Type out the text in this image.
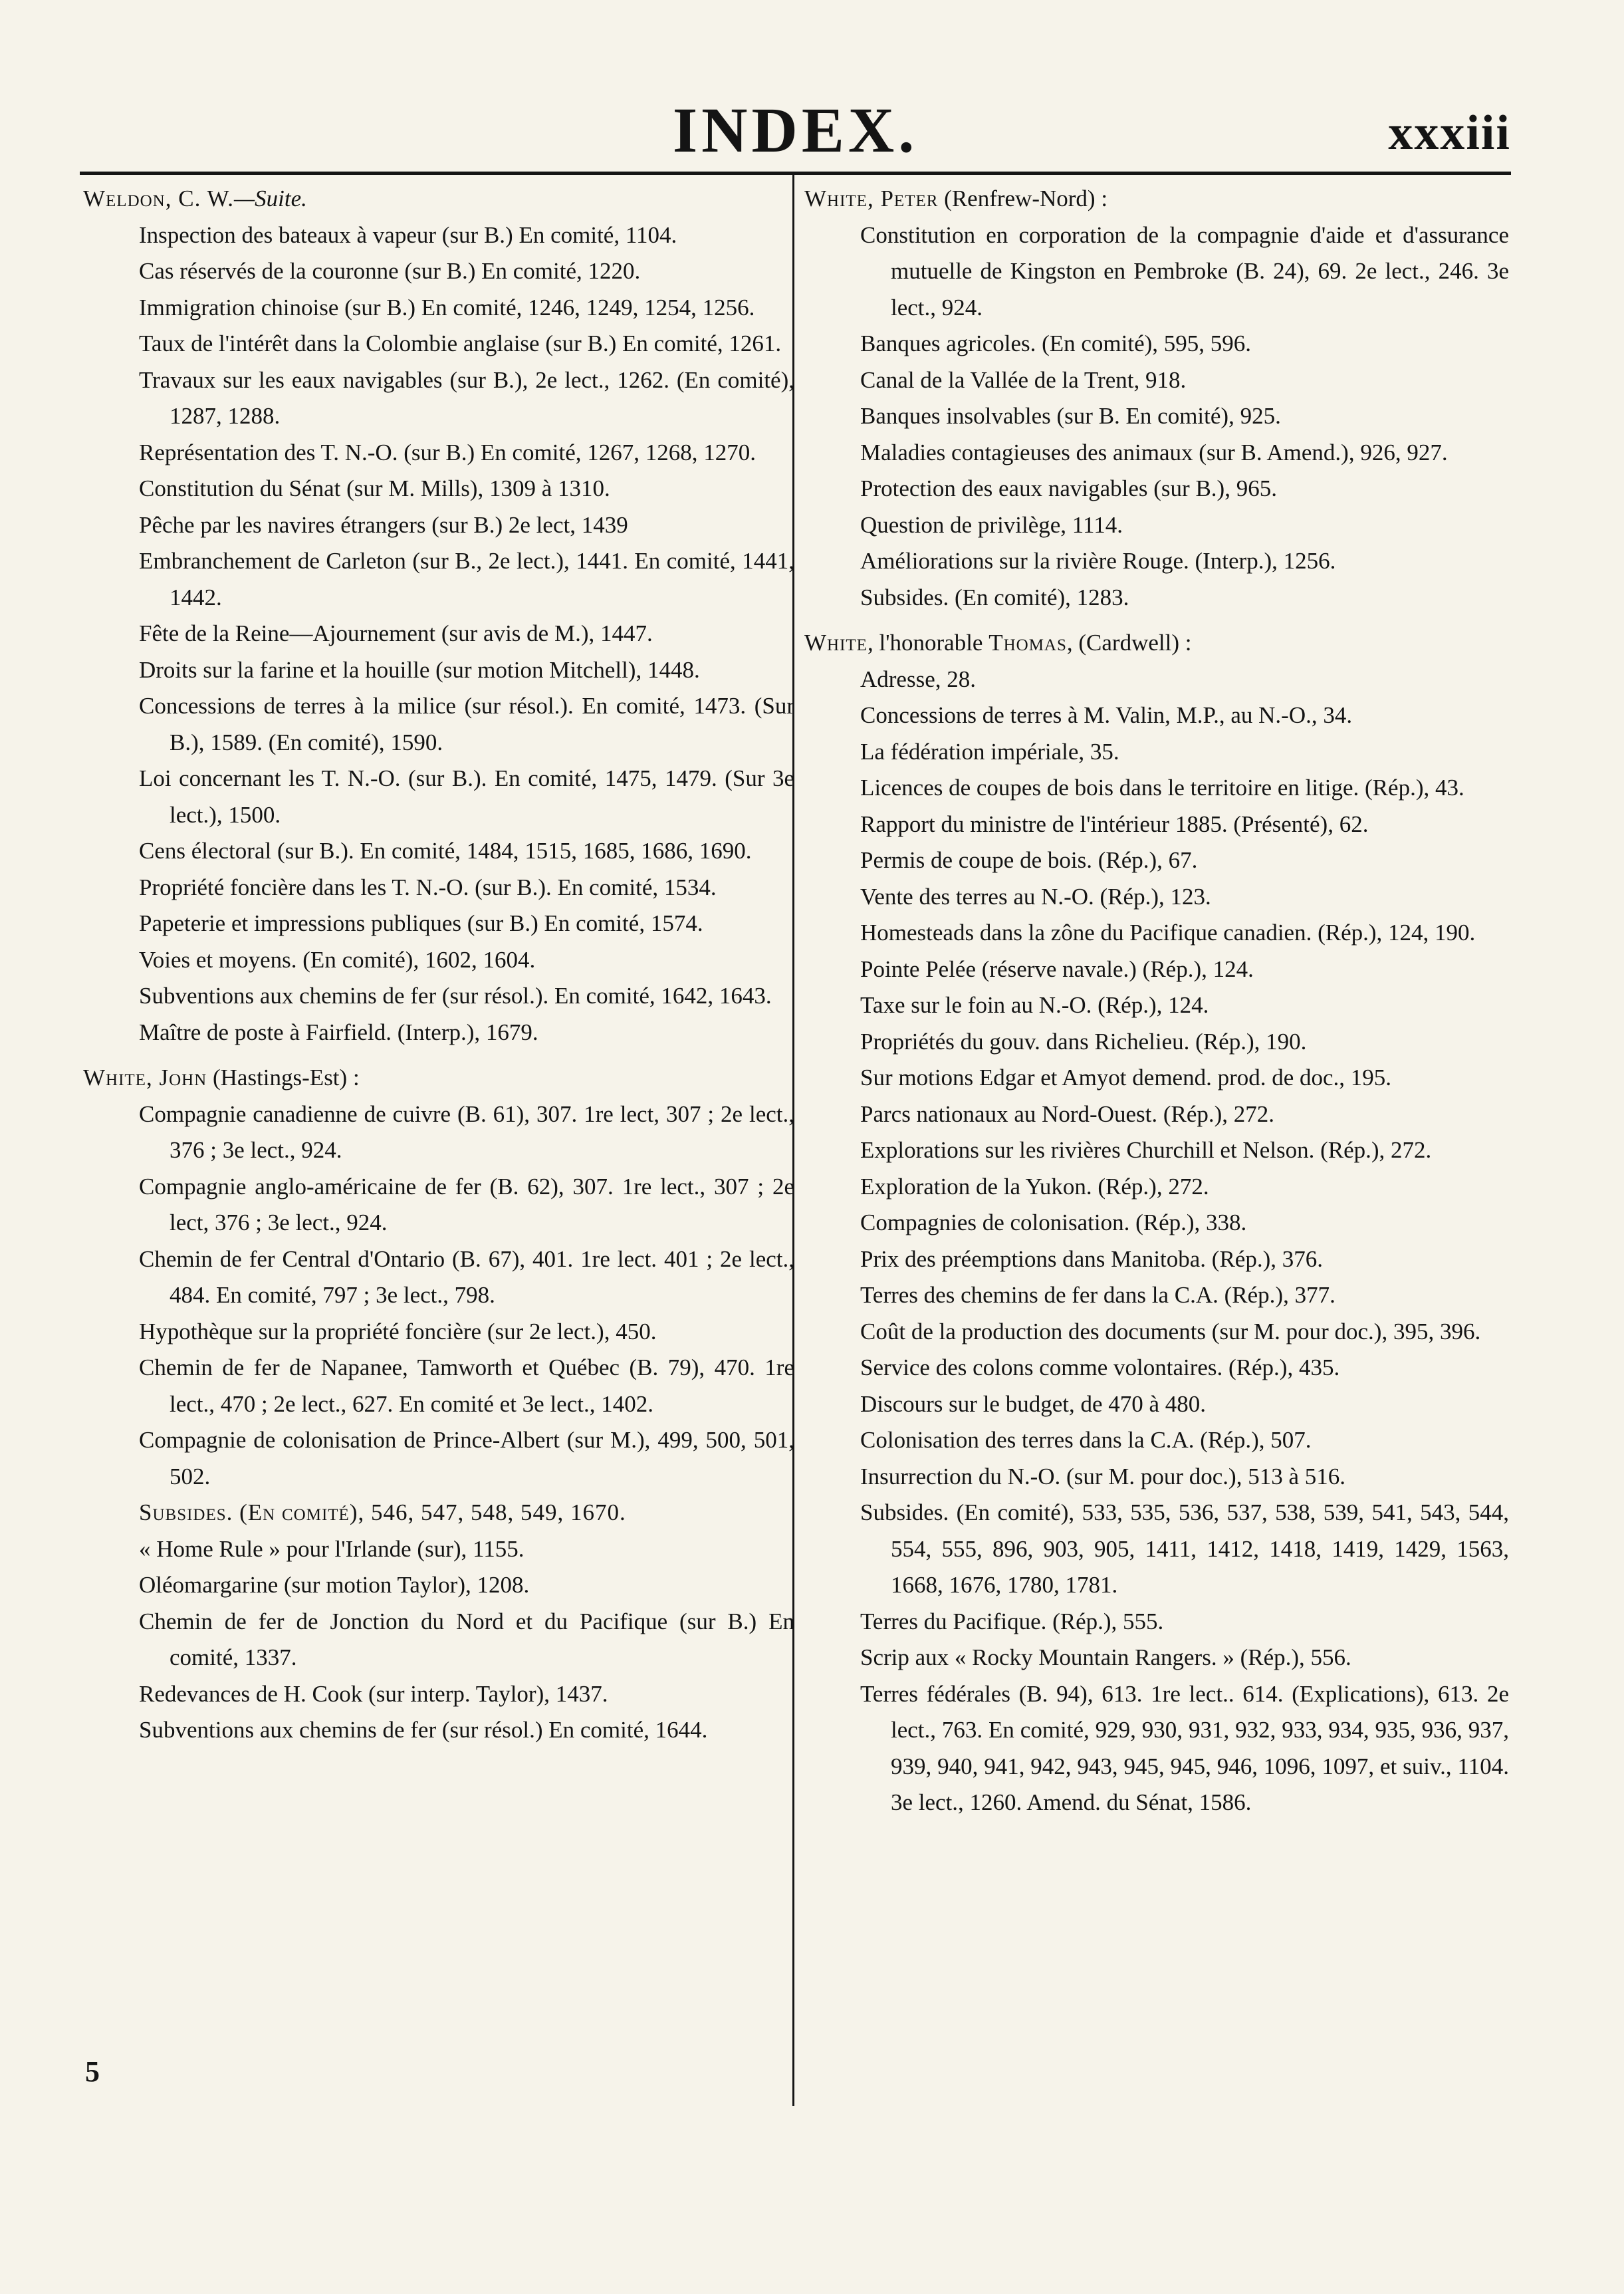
INDEX.	xxxiii
Weldon, C. W.—Suite.
Inspection des bateaux à vapeur (sur B.) En comité, 1104.
Cas réservés de la couronne (sur B.) En comité, 1220.
Immigration chinoise (sur B.) En comité, 1246, 1249, 1254, 1256.
Taux de l'intérêt dans la Colombie anglaise (sur B.) En comité, 1261.
Travaux sur les eaux navigables (sur B.), 2e lect., 1262. (En comité), 1287, 1288.
Représentation des T. N.-O. (sur B.) En comité, 1267, 1268, 1270.
Constitution du Sénat (sur M. Mills), 1309 à 1310.
Pêche par les navires étrangers (sur B.) 2e lect, 1439
Embranchement de Carleton (sur B., 2e lect.), 1441. En comité, 1441, 1442.
Fête de la Reine—Ajournement (sur avis de M.), 1447.
Droits sur la farine et la houille (sur motion Mitchell), 1448.
Concessions de terres à la milice (sur résol.). En comité, 1473. (Sur B.), 1589. (En comité), 1590.
Loi concernant les T. N.-O. (sur B.). En comité, 1475, 1479. (Sur 3e lect.), 1500.
Cens électoral (sur B.). En comité, 1484, 1515, 1685, 1686, 1690.
Propriété foncière dans les T. N.-O. (sur B.). En comité, 1534.
Papeterie et impressions publiques (sur B.) En comité, 1574.
Voies et moyens. (En comité), 1602, 1604.
Subventions aux chemins de fer (sur résol.). En comité, 1642, 1643.
Maître de poste à Fairfield. (Interp.), 1679.
White, John (Hastings-Est) :
Compagnie canadienne de cuivre (B. 61), 307. 1re lect, 307 ; 2e lect., 376 ; 3e lect., 924.
Compagnie anglo-américaine de fer (B. 62), 307. 1re lect., 307 ; 2e lect, 376 ; 3e lect., 924.
Chemin de fer Central d'Ontario (B. 67), 401. 1re lect. 401 ; 2e lect., 484. En comité, 797 ; 3e lect., 798.
Hypothèque sur la propriété foncière (sur 2e lect.), 450.
Chemin de fer de Napanee, Tamworth et Québec (B. 79), 470. 1re lect., 470 ; 2e lect., 627. En comité et 3e lect., 1402.
Compagnie de colonisation de Prince-Albert (sur M.), 499, 500, 501, 502.
Subsides. (En comité), 546, 547, 548, 549, 1670.
« Home Rule » pour l'Irlande (sur), 1155.
Oléomargarine (sur motion Taylor), 1208.
Chemin de fer de Jonction du Nord et du Pacifique (sur B.) En comité, 1337.
Redevances de H. Cook (sur interp. Taylor), 1437.
Subventions aux chemins de fer (sur résol.) En comité, 1644.
White, Peter (Renfrew-Nord) :
Constitution en corporation de la compagnie d'aide et d'assurance mutuelle de Kingston en Pembroke (B. 24), 69. 2e lect., 246. 3e lect., 924.
Banques agricoles. (En comité), 595, 596.
Canal de la Vallée de la Trent, 918.
Banques insolvables (sur B. En comité), 925.
Maladies contagieuses des animaux (sur B. Amend.), 926, 927.
Protection des eaux navigables (sur B.), 965.
Question de privilège, 1114.
Améliorations sur la rivière Rouge. (Interp.), 1256.
Subsides. (En comité), 1283.
White, l'honorable Thomas, (Cardwell) :
Adresse, 28.
Concessions de terres à M. Valin, M.P., au N.-O., 34.
La fédération impériale, 35.
Licences de coupes de bois dans le territoire en litige. (Rép.), 43.
Rapport du ministre de l'intérieur 1885. (Présenté), 62.
Permis de coupe de bois. (Rép.), 67.
Vente des terres au N.-O. (Rép.), 123.
Homesteads dans la zône du Pacifique canadien. (Rép.), 124, 190.
Pointe Pelée (réserve navale.) (Rép.), 124.
Taxe sur le foin au N.-O. (Rép.), 124.
Propriétés du gouv. dans Richelieu. (Rép.), 190.
Sur motions Edgar et Amyot demend. prod. de doc., 195.
Parcs nationaux au Nord-Ouest. (Rép.), 272.
Explorations sur les rivières Churchill et Nelson. (Rép.), 272.
Exploration de la Yukon. (Rép.), 272.
Compagnies de colonisation. (Rép.), 338.
Prix des préemptions dans Manitoba. (Rép.), 376.
Terres des chemins de fer dans la C.A. (Rép.), 377.
Coût de la production des documents (sur M. pour doc.), 395, 396.
Service des colons comme volontaires. (Rép.), 435.
Discours sur le budget, de 470 à 480.
Colonisation des terres dans la C.A. (Rép.), 507.
Insurrection du N.-O. (sur M. pour doc.), 513 à 516.
Subsides. (En comité), 533, 535, 536, 537, 538, 539, 541, 543, 544, 554, 555, 896, 903, 905, 1411, 1412, 1418, 1419, 1429, 1563, 1668, 1676, 1780, 1781.
Terres du Pacifique. (Rép.), 555.
Scrip aux « Rocky Mountain Rangers. » (Rép.), 556.
Terres fédérales (B. 94), 613. 1re lect.. 614. (Explications), 613. 2e lect., 763. En comité, 929, 930, 931, 932, 933, 934, 935, 936, 937, 939, 940, 941, 942, 943, 945, 945, 946, 1096, 1097, et suiv., 1104. 3e lect., 1260. Amend. du Sénat, 1586.
5
